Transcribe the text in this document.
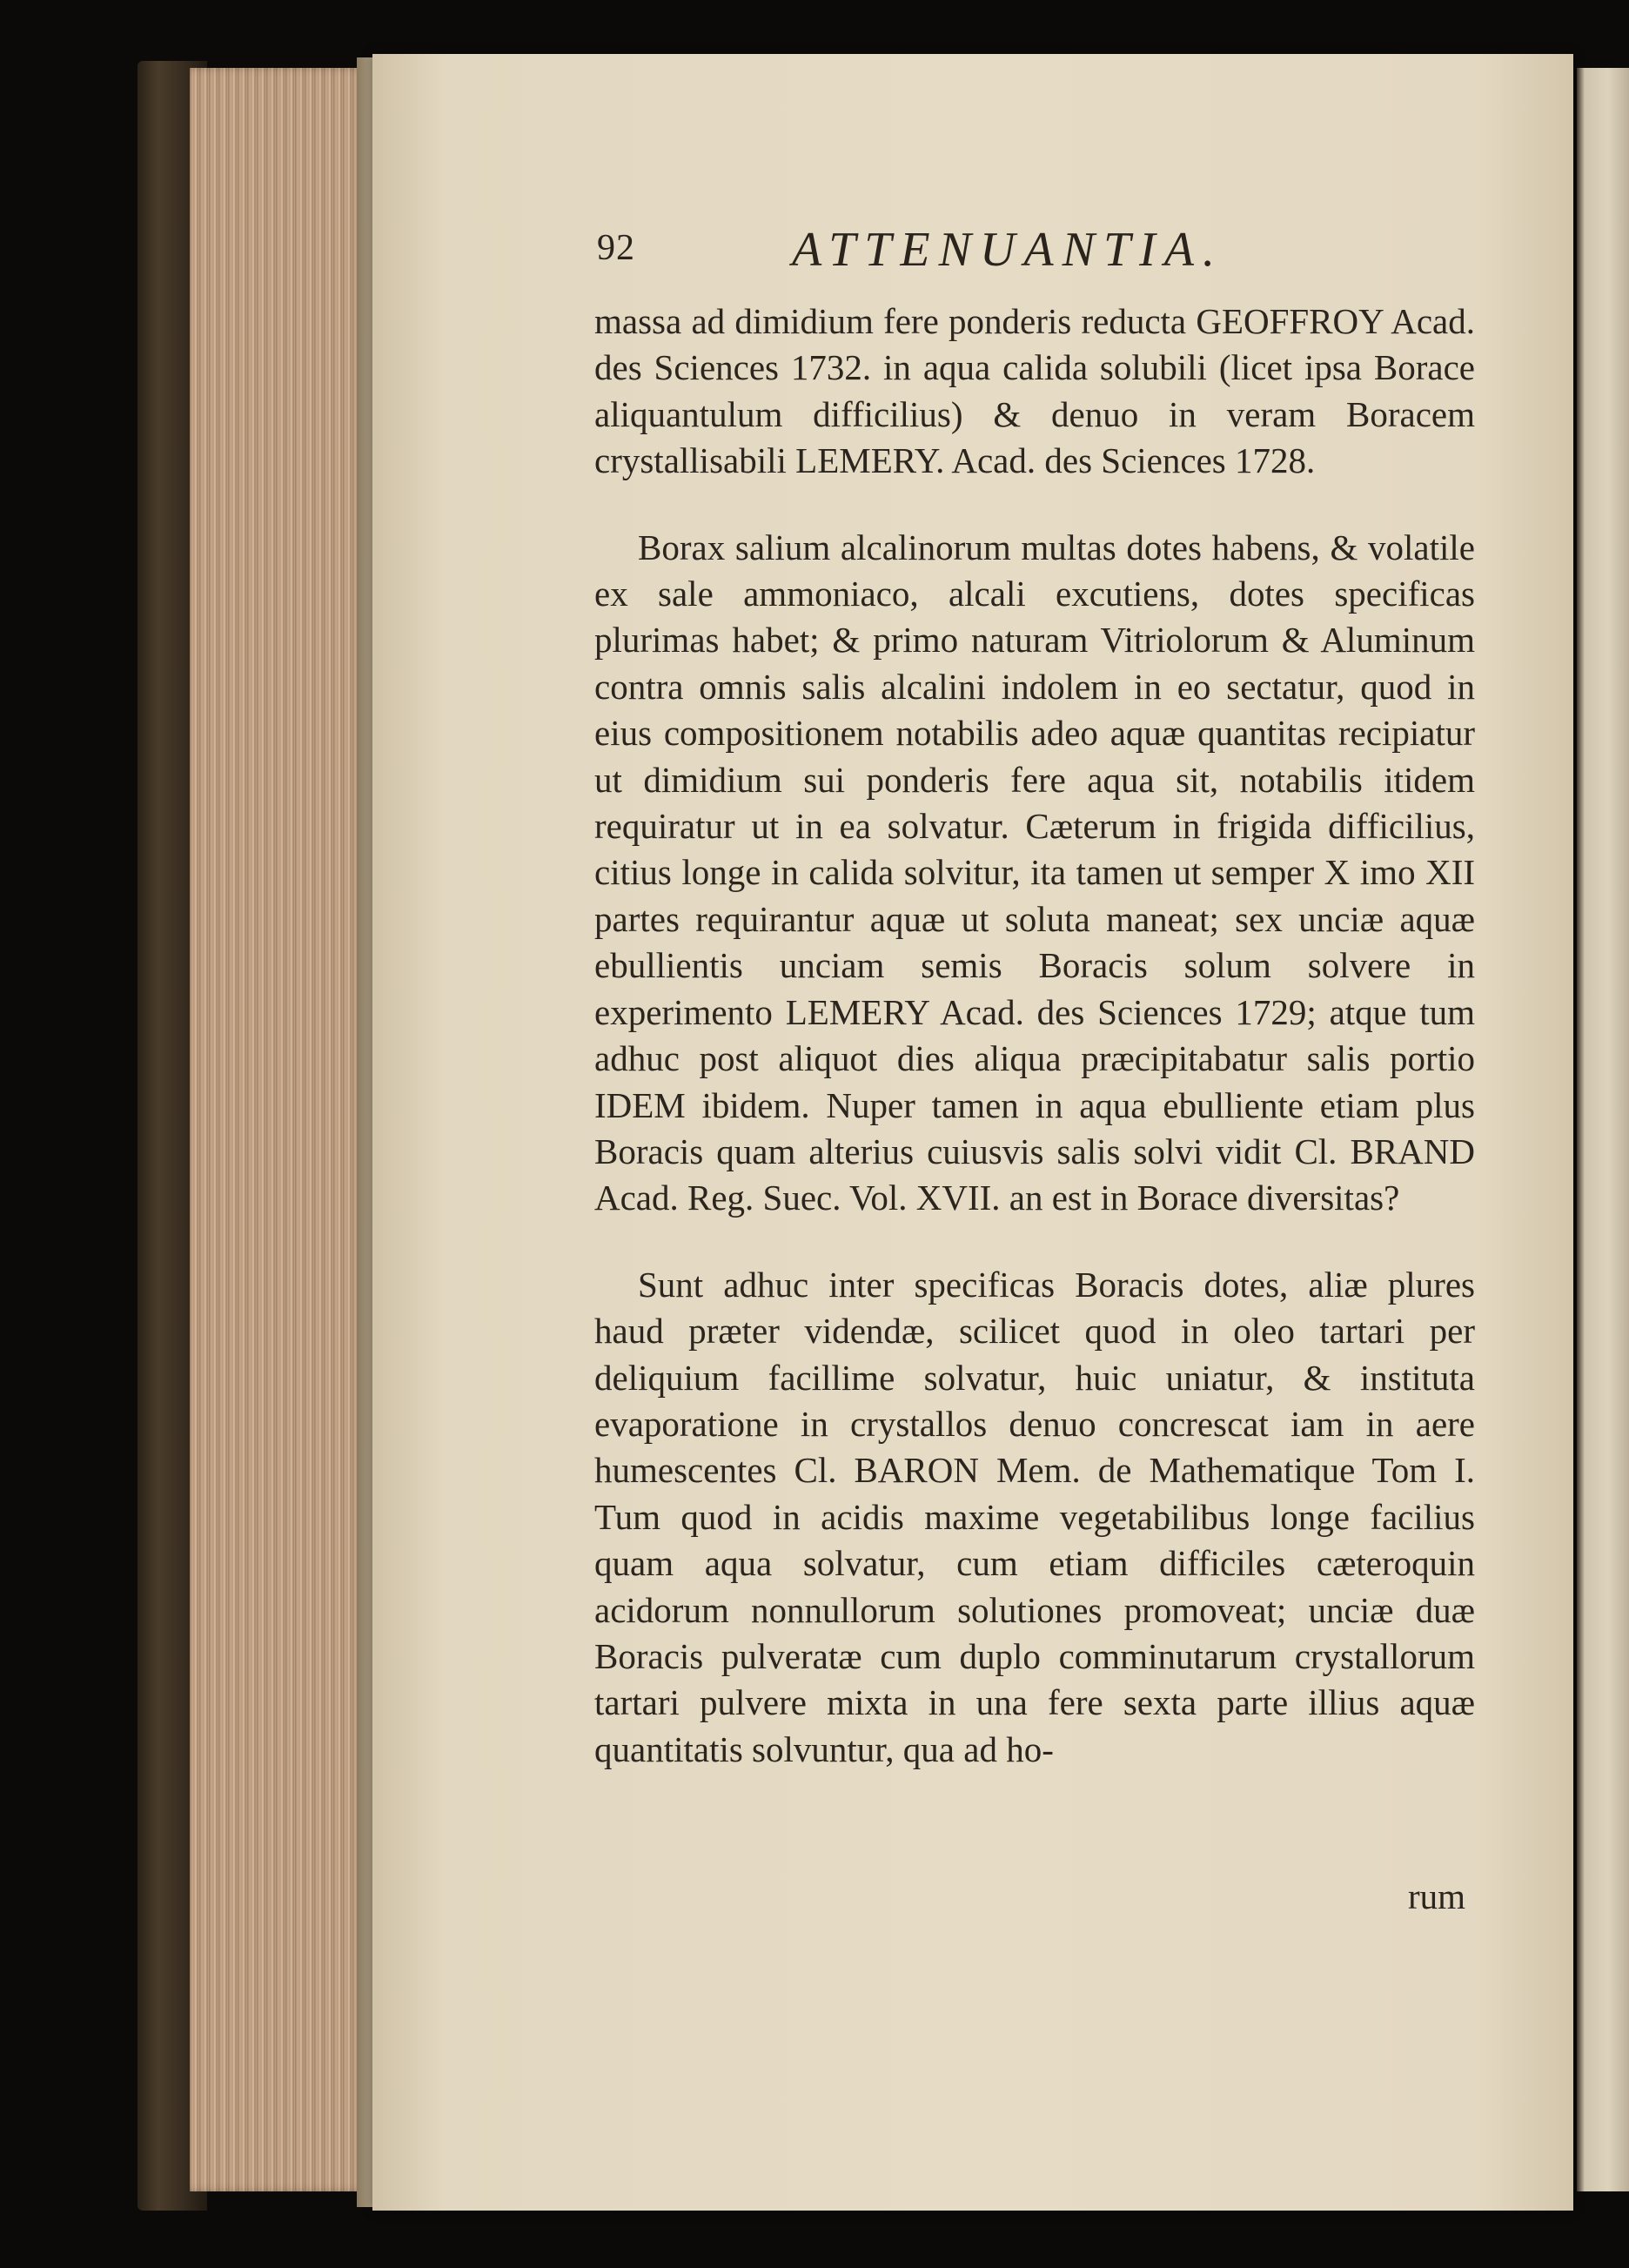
92	ATTENUANTIA.

massa ad dimidium fere ponderis reducta GEOFFROY Acad. des Sciences 1732. in aqua calida solubili (licet ipsa Borace aliquantulum difficilius) & denuo in veram Boracem crystallisabili LEMERY. Acad. des Sciences 1728.

Borax salium alcalinorum multas dotes habens, & volatile ex sale ammoniaco, alcali excutiens, dotes specificas plurimas habet; & primo naturam Vitriolorum & Aluminum contra omnis salis alcalini indolem in eo sectatur, quod in eius compositionem notabilis adeo aquæ quantitas recipiatur ut dimidium sui ponderis fere aqua sit, notabilis itidem requiratur ut in ea solvatur. Cæterum in frigida difficilius, citius longe in calida solvitur, ita tamen ut semper X imo XII partes requirantur aquæ ut soluta maneat; sex unciæ aquæ ebullientis unciam semis Boracis solum solvere in experimento LEMERY Acad. des Sciences 1729; atque tum adhuc post aliquot dies aliqua præcipitabatur salis portio IDEM ibidem. Nuper tamen in aqua ebulliente etiam plus Boracis quam alterius cuiusvis salis solvi vidit Cl. BRAND Acad. Reg. Suec. Vol. XVII. an est in Borace diversitas?

Sunt adhuc inter specificas Boracis dotes, aliæ plures haud præter videndæ, scilicet quod in oleo tartari per deliquium facillime solvatur, huic uniatur, & instituta evaporatione in crystallos denuo concrescat iam in aere humescentes Cl. BARON Mem. de Mathematique Tom I. Tum quod in acidis maxime vegetabilibus longe facilius quam aqua solvatur, cum etiam difficiles cæteroquin acidorum nonnullorum solutiones promoveat; unciæ duæ Boracis pulveratæ cum duplo comminutarum crystallorum tartari pulvere mixta in una fere sexta parte illius aquæ quantitatis solvuntur, qua ad ho-

rum
